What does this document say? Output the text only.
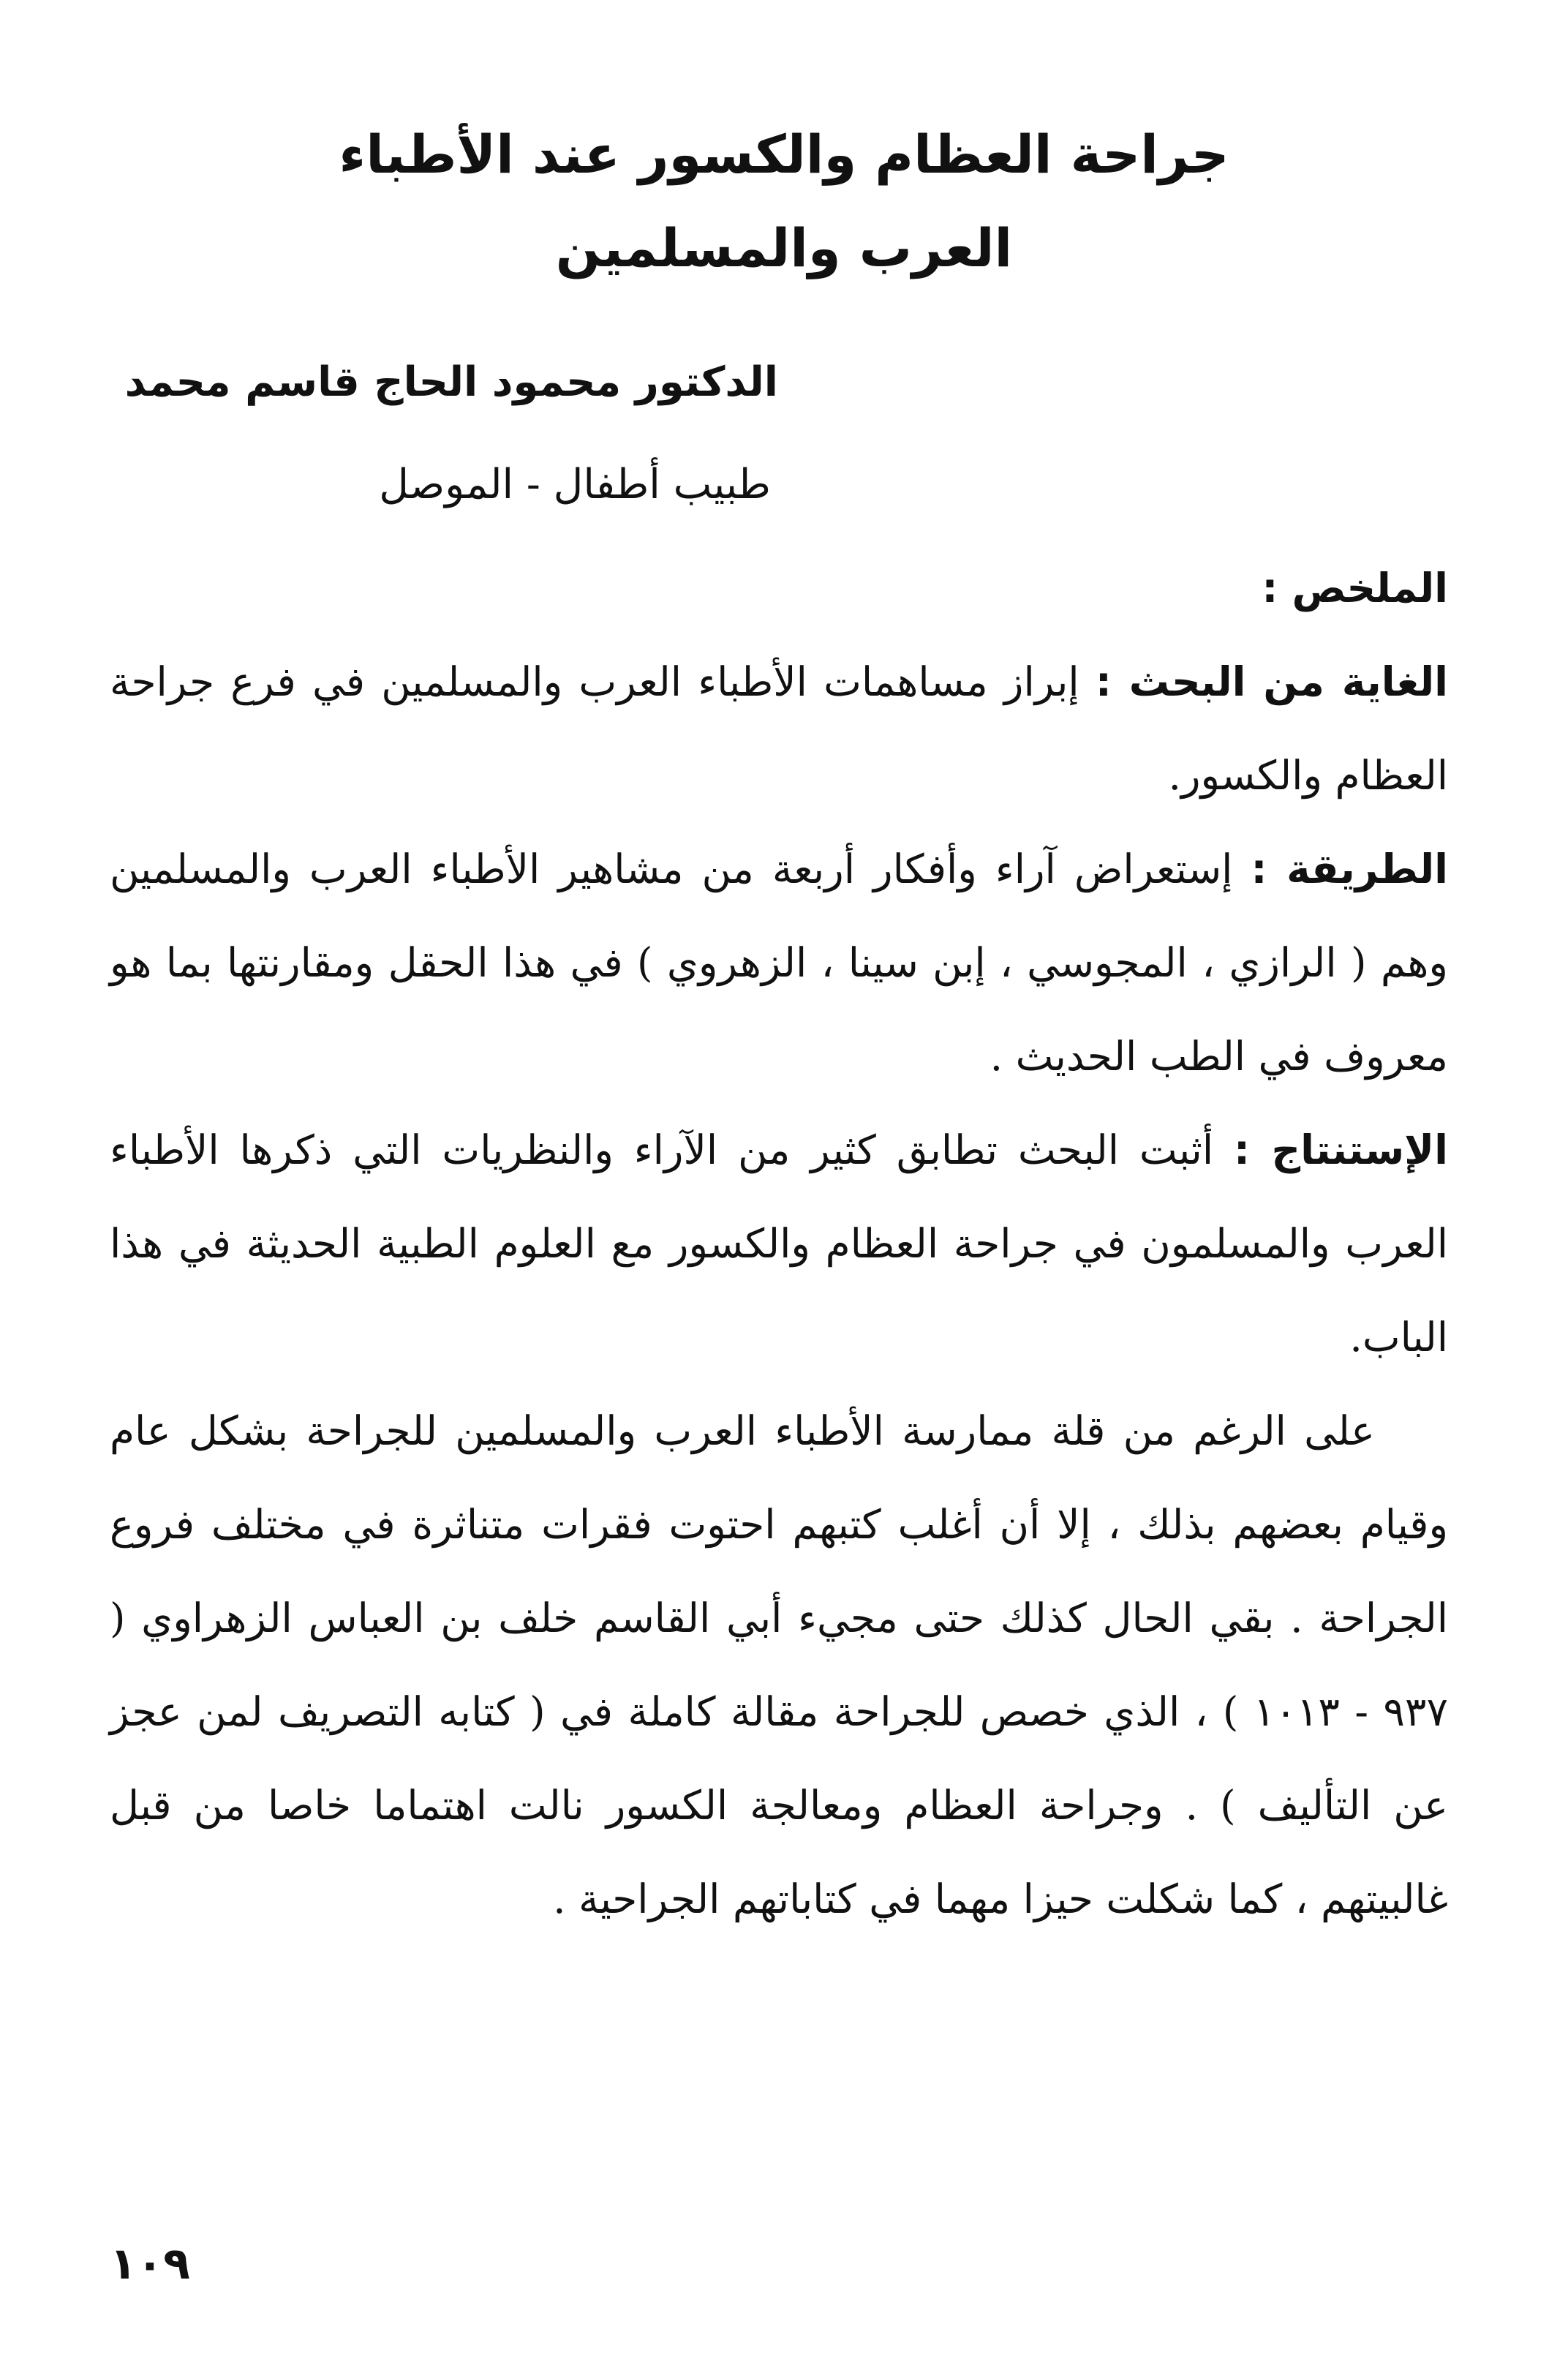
جراحة العظام والكسور عند الأطباء
العرب والمسلمين
الدكتور محمود الحاج قاسم محمد
طبيب أطفال - الموصل
الملخص :

الغاية من البحث : إبراز مساهمات الأطباء العرب والمسلمين في فرع جراحة العظام والكسور.

الطريقة : إستعراض آراء وأفكار أربعة من مشاهير الأطباء العرب والمسلمين وهم ( الرازي ، المجوسي ، إبن سينا ، الزهروي ) في هذا الحقل ومقارنتها بما هو معروف في الطب الحديث .

الإستنتاج : أثبت البحث تطابق كثير من الآراء والنظريات التي ذكرها الأطباء العرب والمسلمون في جراحة العظام والكسور مع العلوم الطبية الحديثة في هذا الباب.

على الرغم من قلة ممارسة الأطباء العرب والمسلمين للجراحة بشكل عام وقيام بعضهم بذلك ، إلا أن أغلب كتبهم احتوت فقرات متناثرة في مختلف فروع الجراحة . بقي الحال كذلك حتى مجيء أبي القاسم خلف بن العباس الزهراوي ( ٩٣٧ - ١٠١٣ ) ، الذي خصص للجراحة مقالة كاملة في ( كتابه التصريف لمن عجز عن التأليف ) . وجراحة العظام ومعالجة الكسور نالت اهتماما خاصا من قبل غالبيتهم ، كما شكلت حيزا مهما في كتاباتهم الجراحية .

١٠٩
